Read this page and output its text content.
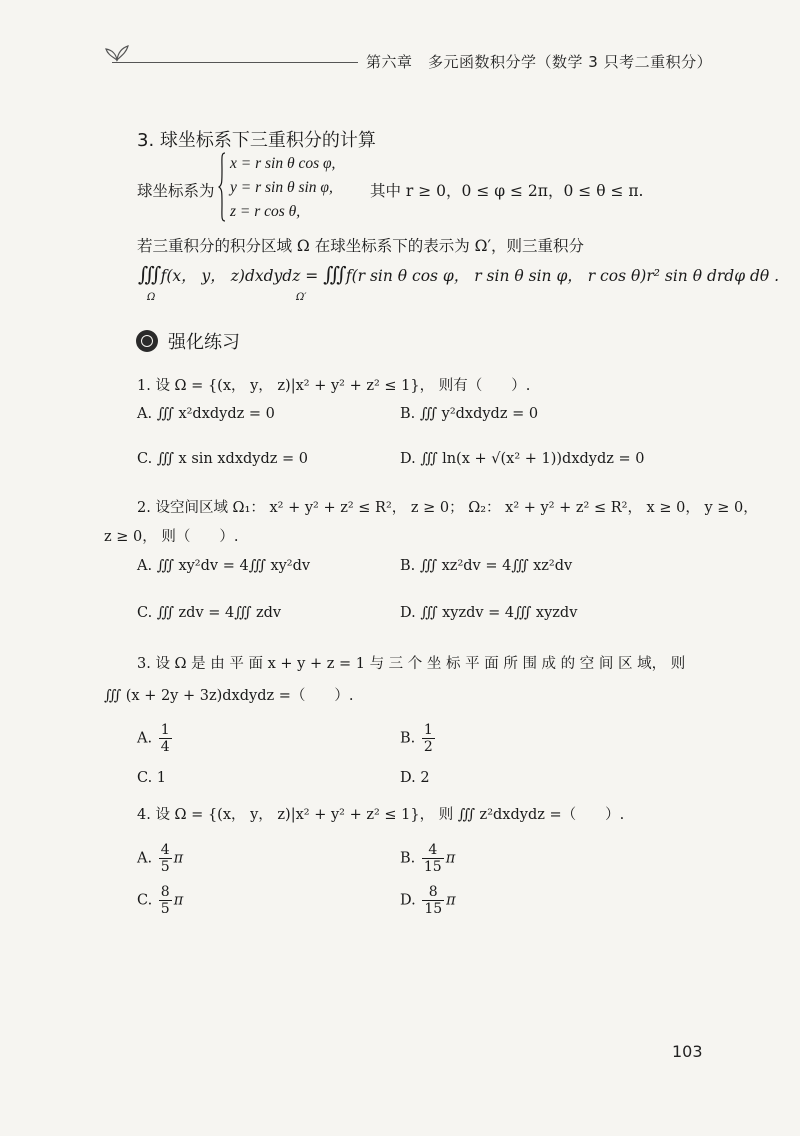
第六章　多元函数积分学（数学 3 只考二重积分）
3. 球坐标系下三重积分的计算
球坐标系为
x = r sin θ cos φ,
y = r sin θ sin φ,
z = r cos θ,
其中 r ≥ 0，0 ≤ φ ≤ 2π，0 ≤ θ ≤ π.
若三重积分的积分区域 Ω 在球坐标系下的表示为 Ω′，则三重积分
∭ f(x， y， z)dxdydz = ∭ f(r sin θ cos φ， r sin θ sin φ， r cos θ)r² sin θ drdφ dθ .
Ω	Ω′
强化练习
1. 设 Ω = {(x， y， z)|x² + y² + z² ≤ 1}， 则有（　　）.
A. ∭ x²dxdydz = 0	B. ∭ y²dxdydz = 0
C. ∭ x sin xdxdydz = 0	D. ∭ ln(x + √(x² + 1))dxdydz = 0
2. 设空间区域 Ω₁： x² + y² + z² ≤ R²， z ≥ 0； Ω₂： x² + y² + z² ≤ R²， x ≥ 0， y ≥ 0，
z ≥ 0， 则（　　）.
A. ∭ xy²dv = 4∭ xy²dv	B. ∭ xz²dv = 4∭ xz²dv
C. ∭ zdv = 4∭ zdv	D. ∭ xyzdv = 4∭ xyzdv
3. 设 Ω 是 由 平 面 x + y + z = 1 与 三 个 坐 标 平 面 所 围 成 的 空 间 区 域， 则
∭ (x + 2y + 3z)dxdydz =（　　）.
A. $\frac{1}{4}$	B. $\frac{1}{2}$
C. 1	D. 2
4. 设 Ω = {(x， y， z)|x² + y² + z² ≤ 1}， 则 ∭ z²dxdydz =（　　）.
A. $\frac{4}{5}$ π	B. $\frac{4}{15}$ π
C. $\frac{8}{5}$ π	D. $\frac{8}{15}$ π
103
